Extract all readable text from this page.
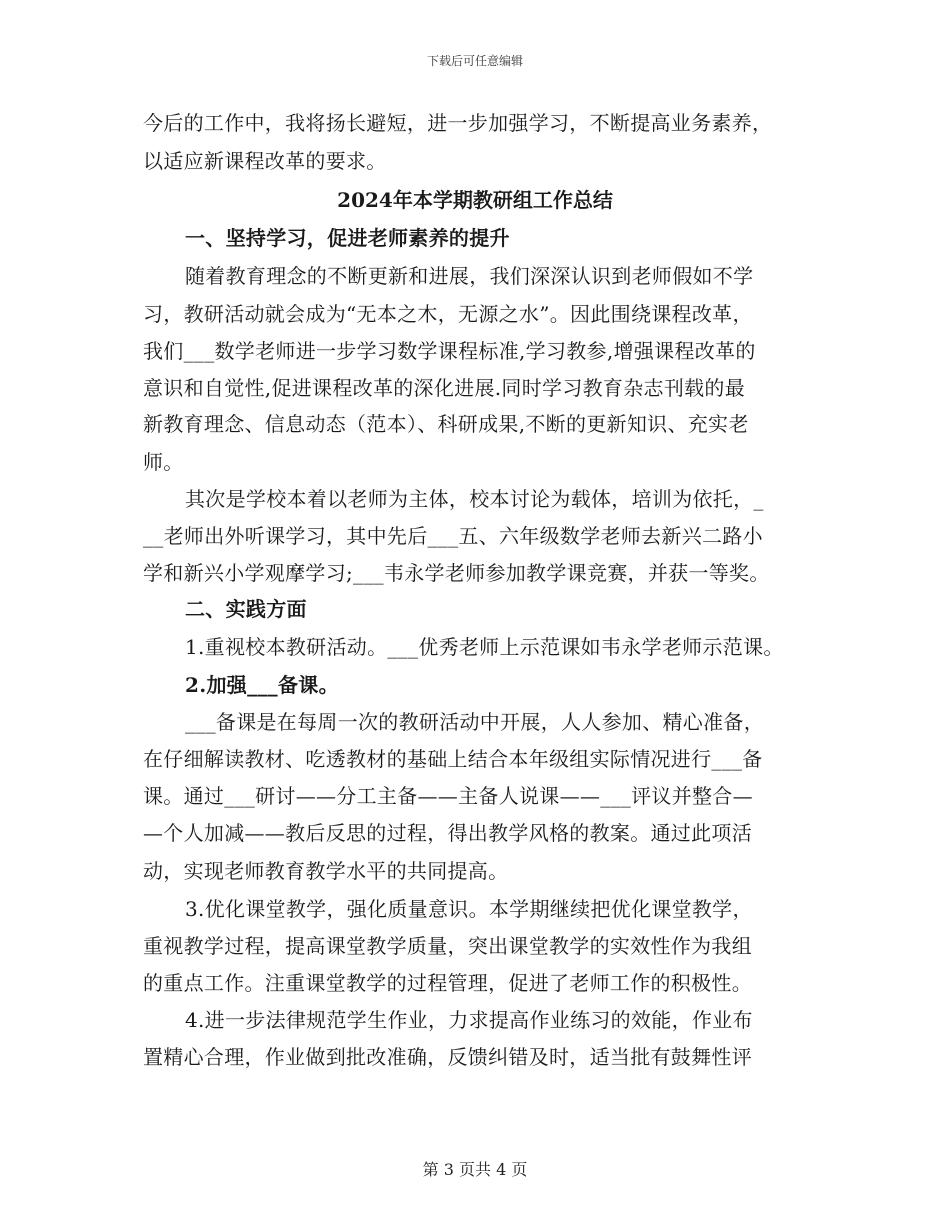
下载后可任意编辑
今后的工作中，我将扬长避短，进一步加强学习，不断提高业务素养，
以适应新课程改革的要求。
2024年本学期教研组工作总结
一、坚持学习，促进老师素养的提升
随着教育理念的不断更新和进展，我们深深认识到老师假如不学
习，教研活动就会成为“无本之木，无源之水”。因此围绕课程改革，
我们___数学老师进一步学习数学课程标准,学习教参,增强课程改革的
意识和自觉性,促进课程改革的深化进展.同时学习教育杂志刊载的最
新教育理念、信息动态（范本）、科研成果,不断的更新知识、充实老
师。
其次是学校本着以老师为主体，校本讨论为载体，培训为依托，_
__老师出外听课学习，其中先后___五、六年级数学老师去新兴二路小
学和新兴小学观摩学习;___韦永学老师参加教学课竞赛，并获一等奖。
二、实践方面
1.重视校本教研活动。___优秀老师上示范课如韦永学老师示范课。
2.加强___备课。
___备课是在每周一次的教研活动中开展，人人参加、精心准备，
在仔细解读教材、吃透教材的基础上结合本年级组实际情况进行___备
课。通过___研讨——分工主备——主备人说课——___评议并整合—
—个人加减——教后反思的过程，得出教学风格的教案。通过此项活
动，实现老师教育教学水平的共同提高。
3.优化课堂教学，强化质量意识。本学期继续把优化课堂教学，
重视教学过程，提高课堂教学质量，突出课堂教学的实效性作为我组
的重点工作。注重课堂教学的过程管理，促进了老师工作的积极性。
4.进一步法律规范学生作业，力求提高作业练习的效能，作业布
置精心合理，作业做到批改准确，反馈纠错及时，适当批有鼓舞性评
第 3 页共 4 页
